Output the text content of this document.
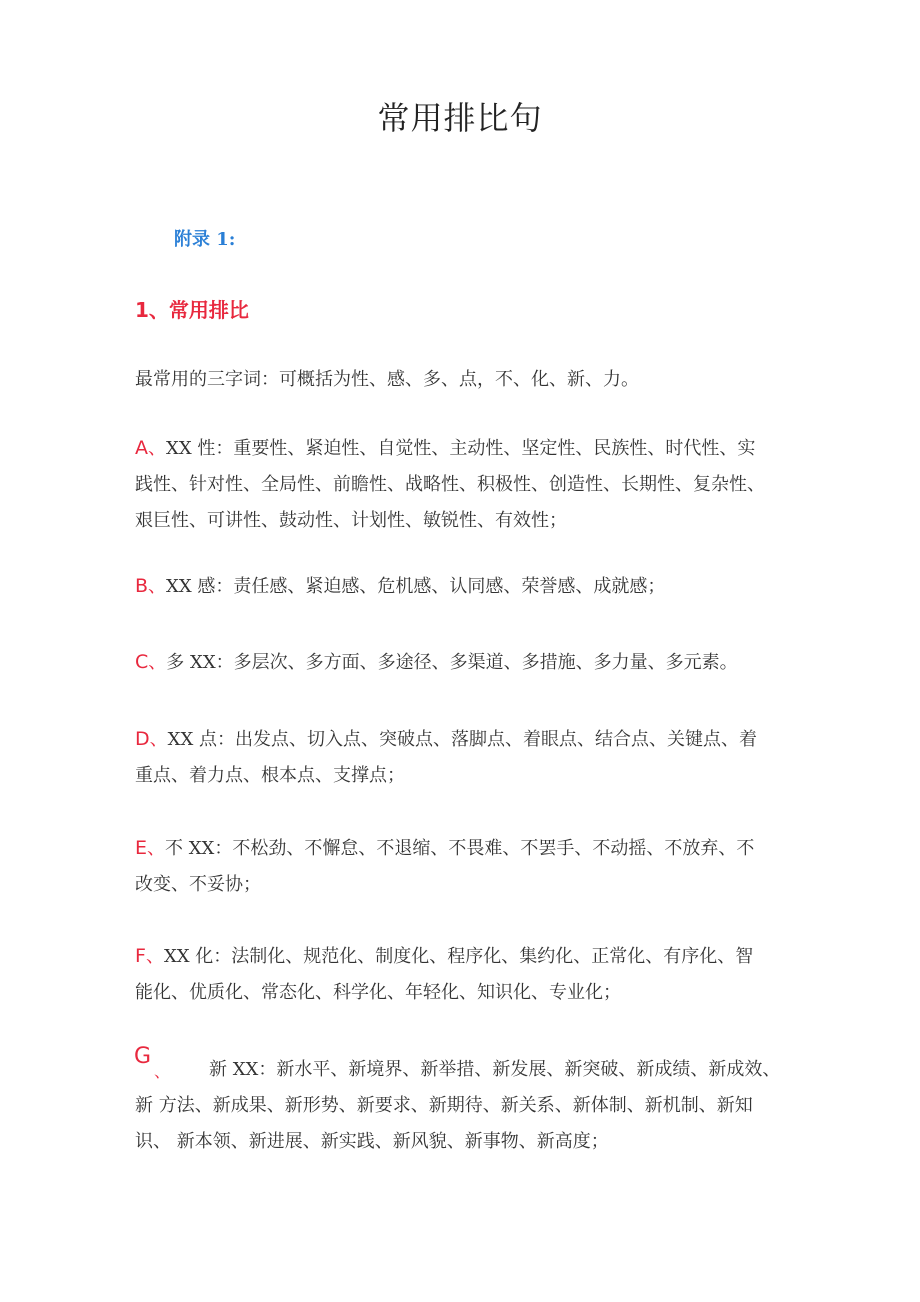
常用排比句
附录 1:
1、常用排比
最常用的三字词：可概括为性、感、多、点，不、化、新、力。
A、XX 性：重要性、紧迫性、自觉性、主动性、坚定性、民族性、时代性、实
践性、针对性、全局性、前瞻性、战略性、积极性、创造性、长期性、复杂性、
艰巨性、可讲性、鼓动性、计划性、敏锐性、有效性；
B、XX 感：责任感、紧迫感、危机感、认同感、荣誉感、成就感；
C、多 XX：多层次、多方面、多途径、多渠道、多措施、多力量、多元素。
D、XX 点：出发点、切入点、突破点、落脚点、着眼点、结合点、关键点、着
重点、着力点、根本点、支撑点；
E、不 XX：不松劲、不懈怠、不退缩、不畏难、不罢手、不动摇、不放弃、不
改变、不妥协；
F、XX 化：法制化、规范化、制度化、程序化、集约化、正常化、有序化、智
能化、优质化、常态化、科学化、年轻化、知识化、专业化；
G
、	新 XX：新水平、新境界、新举措、新发展、新突破、新成绩、新成效、
新 方法、新成果、新形势、新要求、新期待、新关系、新体制、新机制、新知
识、 新本领、新进展、新实践、新风貌、新事物、新高度；
